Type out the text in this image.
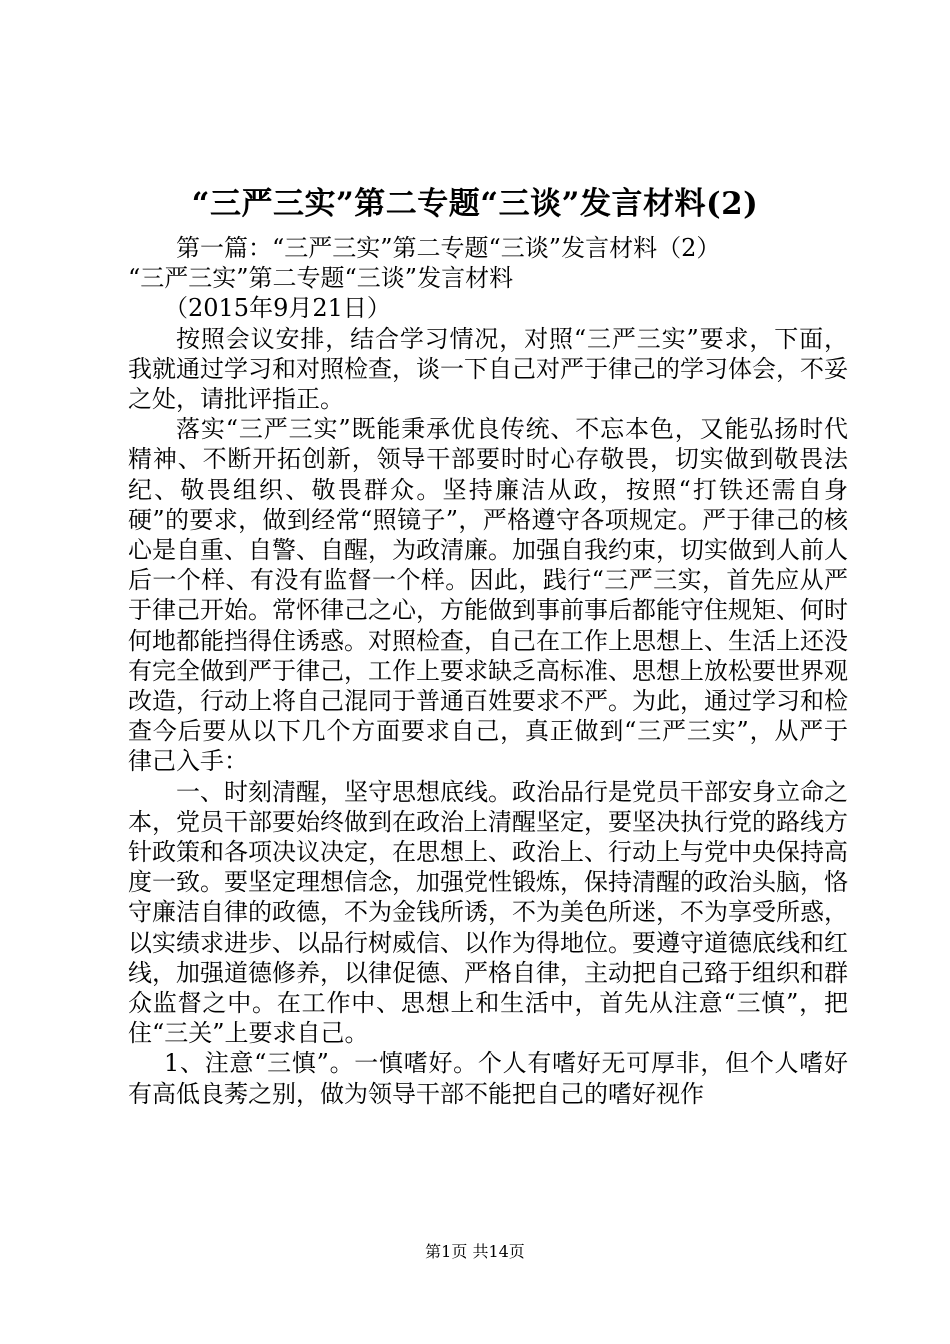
“三严三实”第二专题“三谈”发言材料(2)

第一篇：“三严三实”第二专题“三谈”发言材料（2）

“三严三实”第二专题“三谈”发言材料

（2015年9月21日）

按照会议安排，结合学习情况，对照“三严三实”要求，下面，我就通过学习和对照检查，谈一下自己对严于律己的学习体会，不妥之处，请批评指正。

落实“三严三实”既能秉承优良传统、不忘本色，又能弘扬时代精神、不断开拓创新，领导干部要时时心存敬畏，切实做到敬畏法纪、敬畏组织、敬畏群众。坚持廉洁从政，按照“打铁还需自身硬”的要求，做到经常“照镜子”，严格遵守各项规定。严于律己的核心是自重、自警、自醒，为政清廉。加强自我约束，切实做到人前人后一个样、有没有监督一个样。因此，践行“三严三实，首先应从严于律己开始。常怀律己之心，方能做到事前事后都能守住规矩、何时何地都能挡得住诱惑。对照检查，自己在工作上思想上、生活上还没有完全做到严于律己，工作上要求缺乏高标准、思想上放松要世界观改造，行动上将自己混同于普通百姓要求不严。为此，通过学习和检查今后要从以下几个方面要求自己，真正做到“三严三实”，从严于律己入手：

一、时刻清醒，坚守思想底线。政治品行是党员干部安身立命之本，党员干部要始终做到在政治上清醒坚定，要坚决执行党的路线方针政策和各项决议决定，在思想上、政治上、行动上与党中央保持高度一致。要坚定理想信念，加强党性锻炼，保持清醒的政治头脑，恪守廉洁自律的政德，不为金钱所诱，不为美色所迷，不为享受所惑，以实绩求进步、以品行树威信、以作为得地位。要遵守道德底线和红线，加强道德修养，以律促德、严格自律，主动把自己臵于组织和群众监督之中。在工作中、思想上和生活中，首先从注意“三慎”，把住“三关”上要求自己。

1、注意“三慎”。一慎嗜好。个人有嗜好无可厚非，但个人嗜好有高低良莠之别，做为领导干部不能把自己的嗜好视作

第1页 共14页
